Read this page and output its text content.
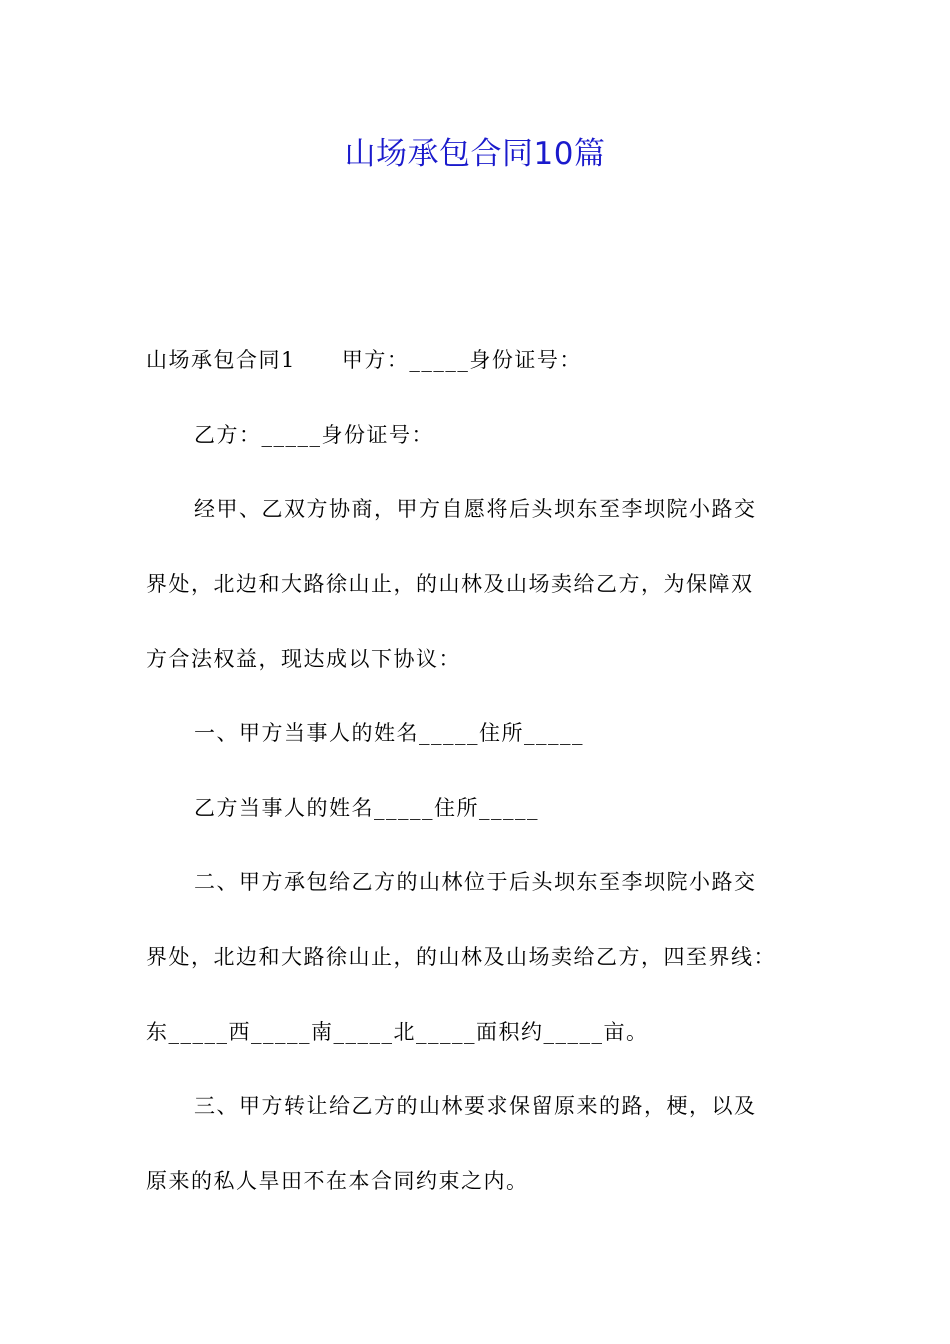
山场承包合同10篇
山场承包合同1 甲方：_____身份证号：
乙方：_____身份证号：
经甲、乙双方协商，甲方自愿将后头坝东至李坝院小路交
界处，北边和大路徐山止，的山林及山场卖给乙方，为保障双
方合法权益，现达成以下协议：
一、甲方当事人的姓名_____住所_____
乙方当事人的姓名_____住所_____
二、甲方承包给乙方的山林位于后头坝东至李坝院小路交
界处，北边和大路徐山止，的山林及山场卖给乙方，四至界线：
东_____西_____南_____北_____面积约_____亩。
三、甲方转让给乙方的山林要求保留原来的路，梗，以及
原来的私人旱田不在本合同约束之内。
